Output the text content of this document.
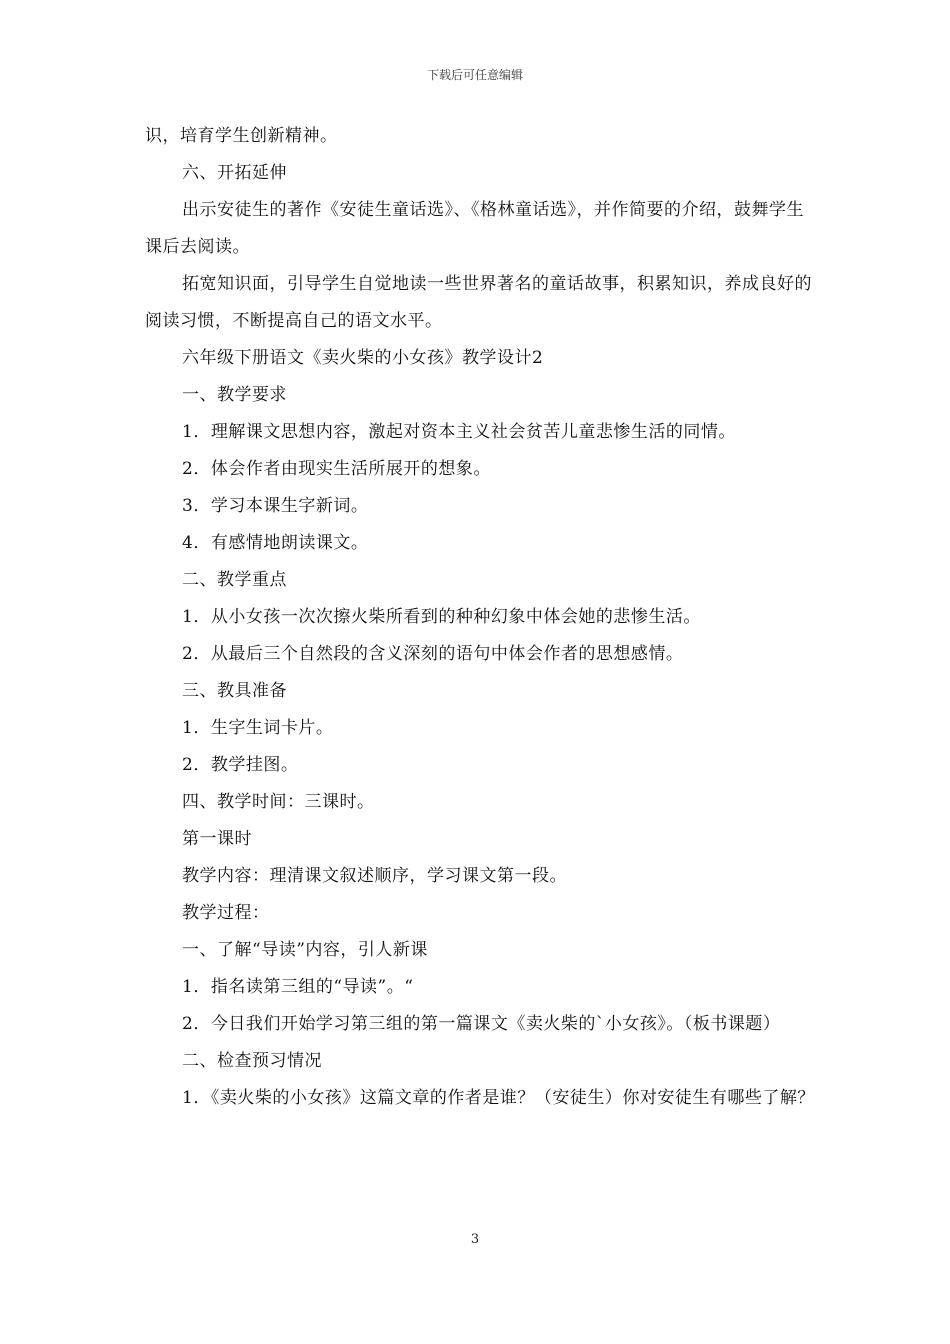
下载后可任意编辑

识，培育学生创新精神。

六、开拓延伸

出示安徒生的著作《安徒生童话选》、《格林童话选》，并作简要的介绍，鼓舞学生课后去阅读。

拓宽知识面，引导学生自觉地读一些世界著名的童话故事，积累知识，养成良好的阅读习惯，不断提高自己的语文水平。

六年级下册语文《卖火柴的小女孩》教学设计2

一、教学要求

1．理解课文思想内容，激起对资本主义社会贫苦儿童悲惨生活的同情。

2．体会作者由现实生活所展开的想象。

3．学习本课生字新词。

4．有感情地朗读课文。

二、教学重点

1．从小女孩一次次擦火柴所看到的种种幻象中体会她的悲惨生活。

2．从最后三个自然段的含义深刻的语句中体会作者的思想感情。

三、教具准备

1．生字生词卡片。

2．教学挂图。

四、教学时间：三课时。

第一课时

教学内容：理清课文叙述顺序，学习课文第一段。

教学过程：

一、了解“导读”内容，引人新课

1．指名读第三组的“导读”。“

2．今日我们开始学习第三组的第一篇课文《卖火柴的`小女孩》。（板书课题）

二、检查预习情况

1．《卖火柴的小女孩》这篇文章的作者是谁？（安徒生）你对安徒生有哪些了解？

3
